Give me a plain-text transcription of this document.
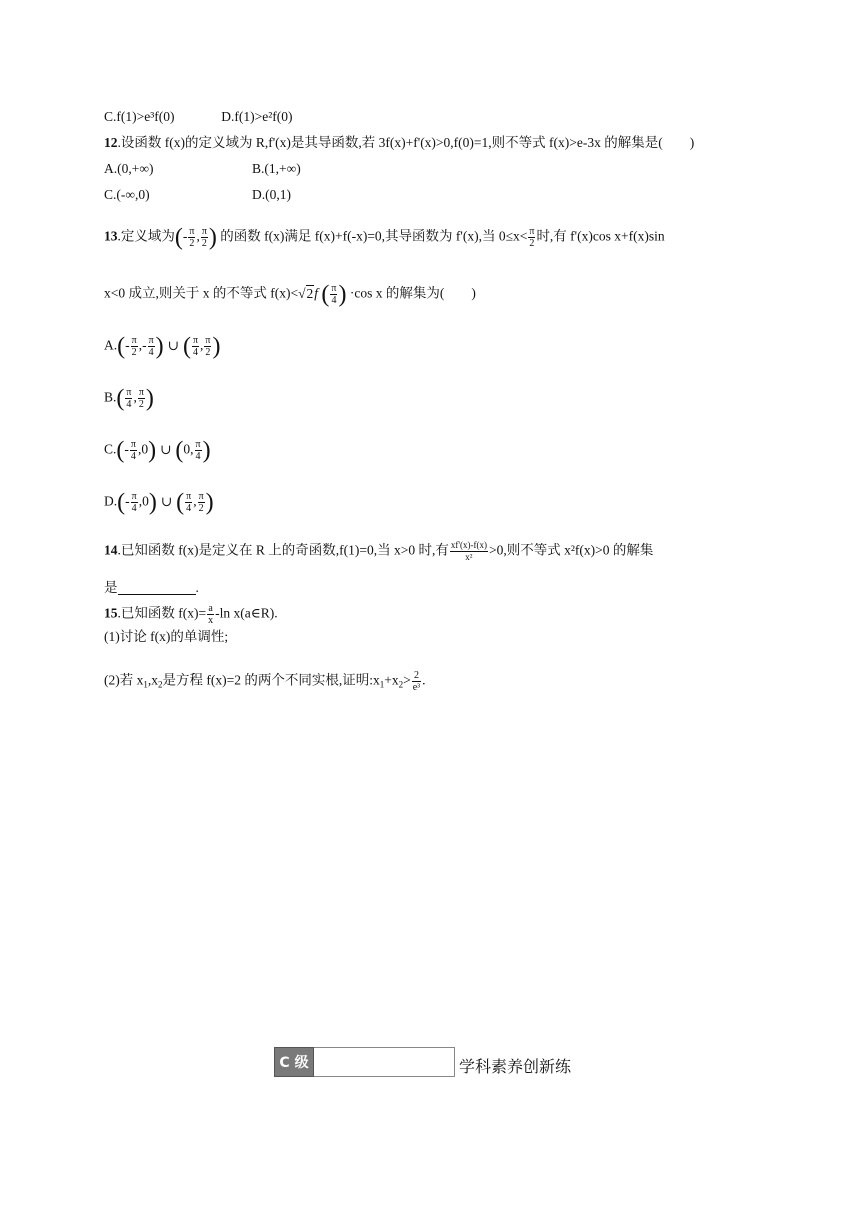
C.f(1)>e³f(0)	D.f(1)>e²f(0)
12.设函数 f(x)的定义域为 R,f'(x)是其导函数,若 3f(x)+f'(x)>0,f(0)=1,则不等式 f(x)>e-3x 的解集是(　　)
A.(0,+∞)	B.(1,+∞)
C.(-∞,0)	D.(0,1)
13.定义域为(- $\frac{\pi}{2}$ , $\frac{\pi}{2}$ ) 的函数 f(x)满足 f(x)+f(-x)=0,其导函数为 f'(x),当 $0\le x< \frac{\pi}{2}$ 时,有 f'(x)cos x+f(x)sin
x<0 成立,则关于 x 的不等式 f(x)<√2f ( $\frac{\pi}{4}$ ) ·cos x 的解集为(　　)
$A.(- \frac{\pi}{2}$ ,- $\frac{\pi}{4}$ ) ∪ ( $\frac{\pi}{4}$ , $\frac{\pi}{2}$ )
$B.( \frac{\pi}{4}$ , $\frac{\pi}{2}$ )
$C.(- \frac{\pi}{4} ,0)$ ∪ (0, $\frac{\pi}{4}$ )
$D.(- \frac{\pi}{4} ,0)$ ∪ ( $\frac{\pi}{4}$ , $\frac{\pi}{2}$ )
14.已知函数 f(x)是定义在 R 上的奇函数,f(1)=0,当 x>0 时,有 $\frac{xf'(x)-f(x)}{\text{x²}} >0$,则不等式 x²f(x)>0 的解集
是	.
15.已知函数 $f(x)= \frac{a}{x} -\ln$ x(a∈R).
(1)讨论 f(x)的单调性;
(2)若 $x_1,x_2$是方程 f(x)=2 的两个不同实根,证明$:x_1+x_2> \frac{2}{\text{e³}}$ .
C 级	学科素养创新练
